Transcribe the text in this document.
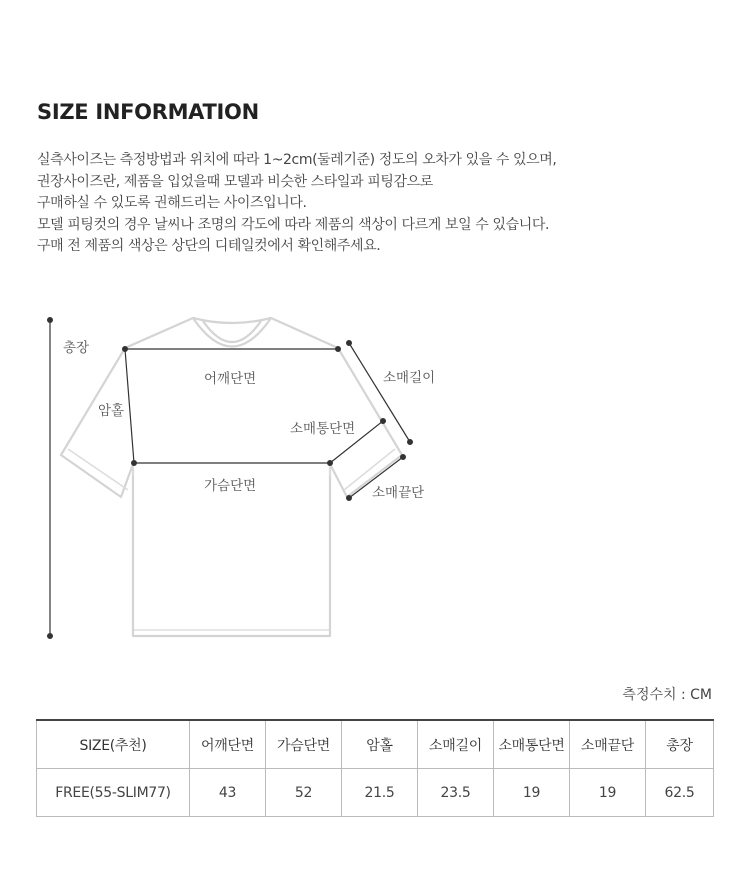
SIZE INFORMATION
실측사이즈는 측정방법과 위치에 따라 1~2cm(둘레기준) 정도의 오차가 있을 수 있으며,
권장사이즈란, 제품을 입었을때 모델과 비슷한 스타일과 피팅감으로
구매하실 수 있도록 권해드리는 사이즈입니다.
모델 피팅컷의 경우 날씨나 조명의 각도에 따라 제품의 색상이 다르게 보일 수 있습니다.
구매 전 제품의 색상은 상단의 디테일컷에서 확인해주세요.
총장
어깨단면
암홀
소매길이
소매통단면
가슴단면	소매끝단
측정수치 : CM
SIZE(추천)	어깨단면	가슴단면	암홀	소매길이	소매통단면	소매끝단	총장
FREE(55-SLIM77)	43	52	21.5	23.5	19	19	62.5
